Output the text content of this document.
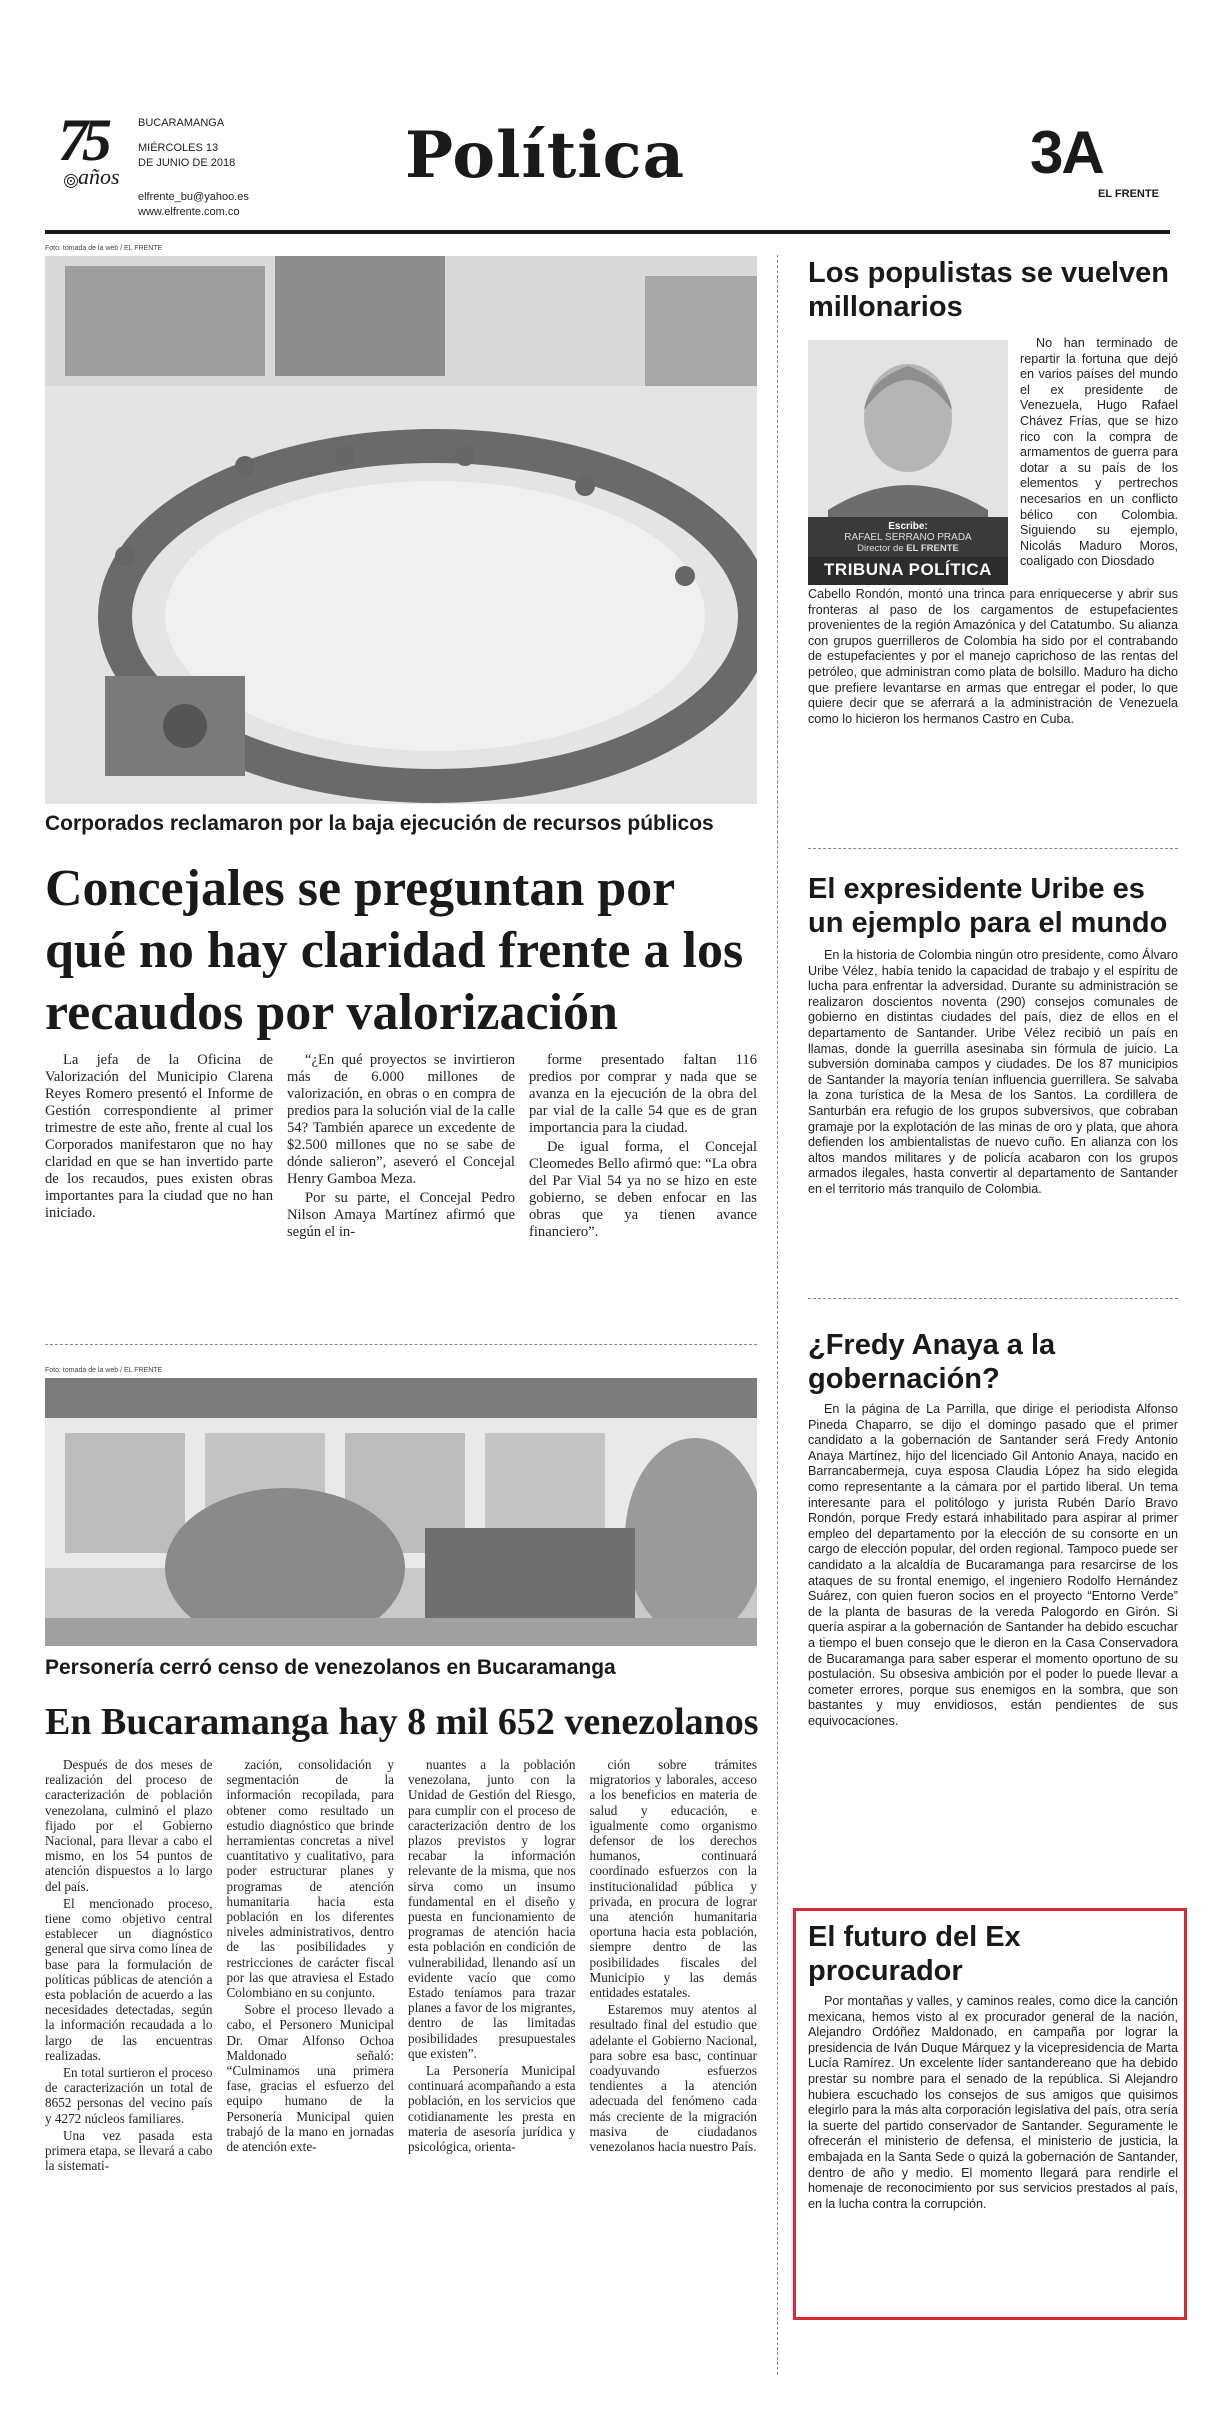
75
años
BUCARAMANGA
MIÉRCOLES 13
DE JUNIO DE 2018
elfrente_bu@yahoo.es
www.elfrente.com.co
Política	3A
EL FRENTE
Foto: tomada de la web / EL FRENTE
Corporados reclamaron por la baja ejecución de recursos públicos
Concejales se preguntan por qué no hay claridad frente a los recaudos por valorización

La jefa de la Oficina de Valorización del Municipio Clarena Reyes Romero presentó el Informe de Gestión correspondiente al primer trimestre de este año, frente al cual los Corporados manifestaron que no hay claridad en que se han invertido parte de los recaudos, pues existen obras importantes para la ciudad que no han iniciado.

“¿En qué proyectos se invirtieron más de 6.000 millones de valorización, en obras o en compra de predios para la solución vial de la calle 54? También aparece un excedente de $2.500 millones que no se sabe de dónde salieron”, aseveró el Concejal Henry Gamboa Meza.

Por su parte, el Concejal Pedro Nilson Amaya Martínez afirmó que según el in-

forme presentado faltan 116 predios por comprar y nada que se avanza en la ejecución de la obra del par vial de la calle 54 que es de gran importancia para la ciudad.

De igual forma, el Concejal Cleomedes Bello afirmó que: “La obra del Par Vial 54 ya no se hizo en este gobierno, se deben enfocar en las obras que ya tienen avance financiero”.

Foto: tomada de la web / EL FRENTE
Personería cerró censo de venezolanos en Bucaramanga
En Bucaramanga hay 8 mil 652 venezolanos

Después de dos meses de realización del proceso de caracterización de población venezolana, culminó el plazo fijado por el Gobierno Nacional, para llevar a cabo el mismo, en los 54 puntos de atención dispuestos a lo largo del país.

El mencionado proceso, tiene como objetivo central establecer un diagnóstico general que sirva como línea de base para la formulación de políticas públicas de atención a esta población de acuerdo a las necesidades detectadas, según la información recaudada a lo largo de las encuentras realizadas.

En total surtieron el proceso de caracterización un total de 8652 personas del vecino país y 4272 núcleos familiares.

Una vez pasada esta primera etapa, se llevará a cabo la sistemati-

zación, consolidación y segmentación de la información recopilada, para obtener como resultado un estudio diagnóstico que brinde herramientas concretas a nivel cuantitativo y cualitativo, para poder estructurar planes y programas de atención humanitaria hacia esta población en los diferentes niveles administrativos, dentro de las posibilidades y restricciones de carácter fiscal por las que atraviesa el Estado Colombiano en su conjunto.

Sobre el proceso llevado a cabo, el Personero Municipal Dr. Omar Alfonso Ochoa Maldonado señaló: “Culminamos una primera fase, gracias el esfuerzo del equipo humano de la Personería Municipal quien trabajó de la mano en jornadas de atención exte-

nuantes a la población venezolana, junto con la Unidad de Gestión del Riesgo, para cumplir con el proceso de caracterización dentro de los plazos previstos y lograr recabar la información relevante de la misma, que nos sirva como un insumo fundamental en el diseño y puesta en funcionamiento de programas de atención hacia esta población en condición de vulnerabilidad, llenando así un evidente vacío que como Estado teníamos para trazar planes a favor de los migrantes, dentro de las limitadas posibilidades presupuestales que existen”.

La Personería Municipal continuará acompañando a esta población, en los servicios que cotidianamente les presta en materia de asesoría jurídica y psicológica, orienta-

ción sobre trámites migratorios y laborales, acceso a los beneficios en materia de salud y educación, e igualmente como organismo defensor de los derechos humanos, continuará coordinado esfuerzos con la institucionalidad pública y privada, en procura de lograr una atención humanitaria oportuna hacia esta población, siempre dentro de las posibilidades fiscales del Municipio y las demás entidades estatales.

Estaremos muy atentos al resultado final del estudio que adelante el Gobierno Nacional, para sobre esa basc, continuar coadyuvando esfuerzos tendientes a la atención adecuada del fenómeno cada más creciente de la migración masiva de ciudadanos venezolanos hacia nuestro País.

Los populistas se vuelven millonarios
Escribe:
RAFAEL SERRANO PRADA
Director de EL FRENTE
TRIBUNA POLÍTICA

No han terminado de repartir la fortuna que dejó en varios países del mundo el ex presidente de Venezuela, Hugo Rafael Chávez Frías, que se hizo rico con la compra de armamentos de guerra para dotar a su país de los elementos y pertrechos necesarios en un conflicto bélico con Colombia. Siguiendo su ejemplo, Nicolás Maduro Moros, coaligado con Diosdado

Cabello Rondón, montó una trinca para enriquecerse y abrir sus fronteras al paso de los cargamentos de estupefacientes provenientes de la región Amazónica y del Catatumbo. Su alianza con grupos guerrilleros de Colombia ha sido por el contrabando de estupefacientes y por el manejo caprichoso de las rentas del petróleo, que administran como plata de bolsillo. Maduro ha dicho que prefiere levantarse en armas que entregar el poder, lo que quiere decir que se aferrará a la administración de Venezuela como lo hicieron los hermanos Castro en Cuba.

El expresidente Uribe es un ejemplo para el mundo

En la historia de Colombia ningún otro presidente, como Álvaro Uribe Vélez, había tenido la capacidad de trabajo y el espíritu de lucha para enfrentar la adversidad. Durante su administración se realizaron doscientos noventa (290) consejos comunales de gobierno en distintas ciudades del país, diez de ellos en el departamento de Santander. Uribe Vélez recibió un país en llamas, donde la guerrilla asesinaba sin fórmula de juicio. La subversión dominaba campos y ciudades. De los 87 municipios de Santander la mayoría tenían influencia guerrillera. Se salvaba la zona turística de la Mesa de los Santos. La cordillera de Santurbán era refugio de los grupos subversivos, que cobraban gramaje por la explotación de las minas de oro y plata, que ahora defienden los ambientalistas de nuevo cuño. En alianza con los altos mandos militares y de policía acabaron con los grupos armados ilegales, hasta convertir al departamento de Santander en el territorio más tranquilo de Colombia.

¿Fredy Anaya a la gobernación?

En la página de La Parrilla, que dirige el periodista Alfonso Pineda Chaparro, se dijo el domingo pasado que el primer candidato a la gobernación de Santander será Fredy Antonio Anaya Martínez, hijo del licenciado Gil Antonio Anaya, nacido en Barrancabermeja, cuya esposa Claudia López ha sido elegida como representante a la cámara por el partido liberal. Un tema interesante para el politólogo y jurista Rubén Darío Bravo Rondón, porque Fredy estará inhabilitado para aspirar al primer empleo del departamento por la elección de su consorte en un cargo de elección popular, del orden regional. Tampoco puede ser candidato a la alcaldía de Bucaramanga para resarcirse de los ataques de su frontal enemigo, el ingeniero Rodolfo Hernández Suárez, con quien fueron socios en el proyecto “Entorno Verde” de la planta de basuras de la vereda Palogordo en Girón. Si quería aspirar a la gobernación de Santander ha debido escuchar a tiempo el buen consejo que le dieron en la Casa Conservadora de Bucaramanga para saber esperar el momento oportuno de su postulación. Su obsesiva ambición por el poder lo puede llevar a cometer errores, porque sus enemigos en la sombra, que son bastantes y muy envidiosos, están pendientes de sus equivocaciones.

El futuro del Ex procurador

Por montañas y valles, y caminos reales, como dice la canción mexicana, hemos visto al ex procurador general de la nación, Alejandro Ordóñez Maldonado, en campaña por lograr la presidencia de Iván Duque Márquez y la vicepresidencia de Marta Lucía Ramírez. Un excelente líder santandereano que ha debido prestar su nombre para el senado de la república. Si Alejandro hubiera escuchado los consejos de sus amigos que quisimos elegirlo para la más alta corporación legislativa del país, otra sería la suerte del partido conservador de Santander. Seguramente le ofrecerán el ministerio de defensa, el ministerio de justicia, la embajada en la Santa Sede o quizá la gobernación de Santander, dentro de año y medio. El momento llegará para rendirle el homenaje de reconocimiento por sus servicios prestados al país, en la lucha contra la corrupción.
